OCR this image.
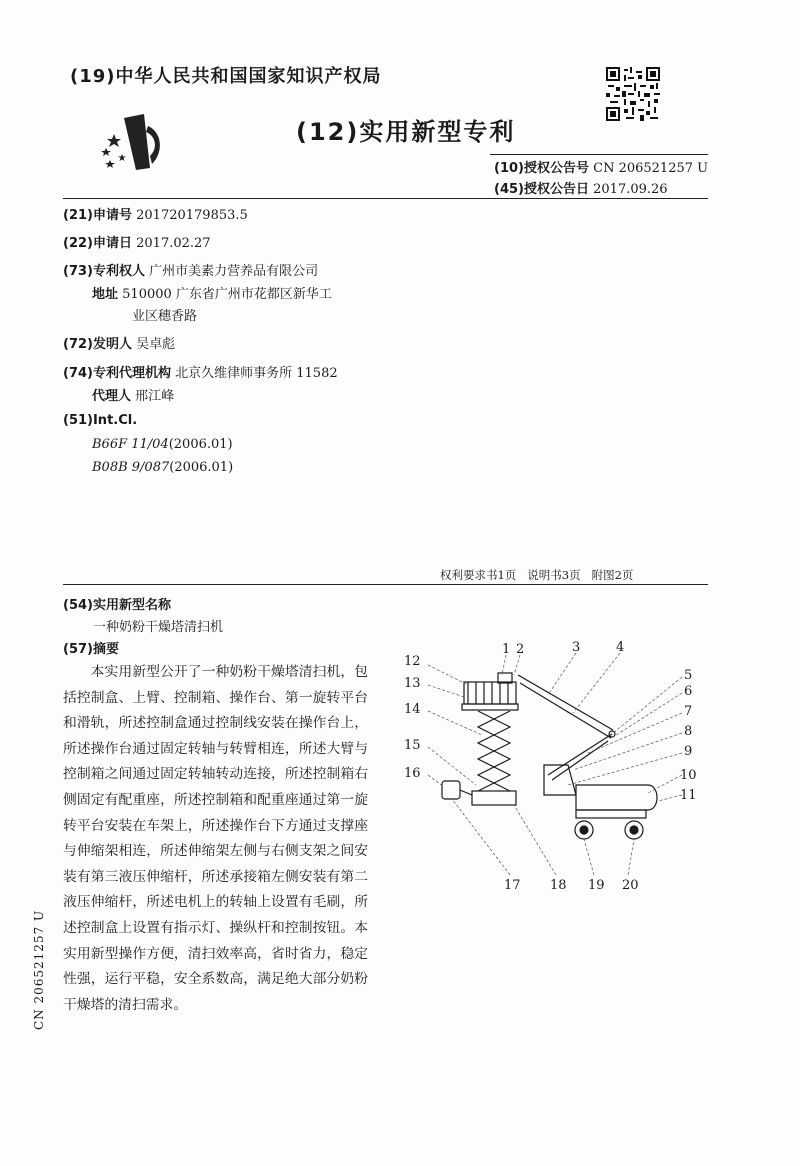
(19)中华人民共和国国家知识产权局
(12)实用新型专利
(10)授权公告号 CN 206521257 U
(45)授权公告日 2017.09.26
(21)申请号 201720179853.5
(22)申请日 2017.02.27
(73)专利权人 广州市美素力营养品有限公司
地址 510000 广东省广州市花都区新华工
业区穗香路
(72)发明人 吴卓彪
(74)专利代理机构 北京久维律师事务所 11582
代理人 邢江峰
(51)Int.Cl.
B66F 11/04(2006.01)
B08B 9/087(2006.01)
权利要求书1页   说明书3页   附图2页
(54)实用新型名称
一种奶粉干燥塔清扫机
(57)摘要

本实用新型公开了一种奶粉干燥塔清扫机，包括控制盒、上臂、控制箱、操作台、第一旋转平台和滑轨，所述控制盒通过控制线安装在操作台上，所述操作台通过固定转轴与转臂相连，所述大臂与控制箱之间通过固定转轴转动连接，所述控制箱右侧固定有配重座，所述控制箱和配重座通过第一旋转平台安装在车架上，所述操作台下方通过支撑座与伸缩架相连，所述伸缩架左侧与右侧支架之间安装有第三液压伸缩杆，所述承接箱左侧安装有第二液压伸缩杆，所述电机上的转轴上设置有毛刷，所述控制盒上设置有指示灯、操纵杆和控制按钮。本实用新型操作方便，清扫效率高，省时省力，稳定性强，运行平稳，安全系数高，满足绝大部分奶粉干燥塔的清扫需求。

CN 206521257 U
1 2	3	4
5
6
7
8
9
10
11
12
13
14
15
16
17 18 19 20
